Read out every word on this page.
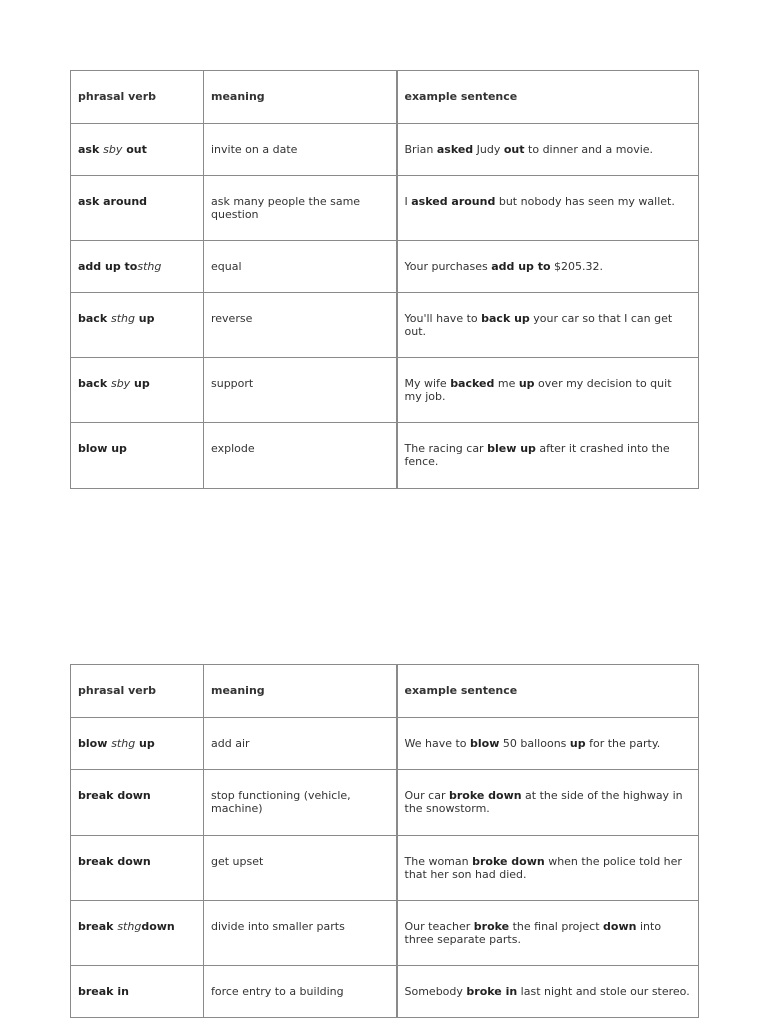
phrasal verb	meaning	example sentence
ask sby out	invite on a date	Brian asked Judy out to dinner and a movie.
ask around	ask many people the same question	I asked around but nobody has seen my wallet.
add up tosthg	equal	Your purchases add up to $205.32.
back sthg up	reverse	You'll have to back up your car so that I can get out.
back sby up	support	My wife backed me up over my decision to quit my job.
blow up	explode	The racing car blew up after it crashed into the fence.
phrasal verb	meaning	example sentence
blow sthg up	add air	We have to blow 50 balloons up for the party.
break down	stop functioning (vehicle, machine)	Our car broke down at the side of the highway in the snowstorm.
break down	get upset	The woman broke down when the police told her that her son had died.
break sthgdown	divide into smaller parts	Our teacher broke the final project down into three separate parts.
break in	force entry to a building	Somebody broke in last night and stole our stereo.
